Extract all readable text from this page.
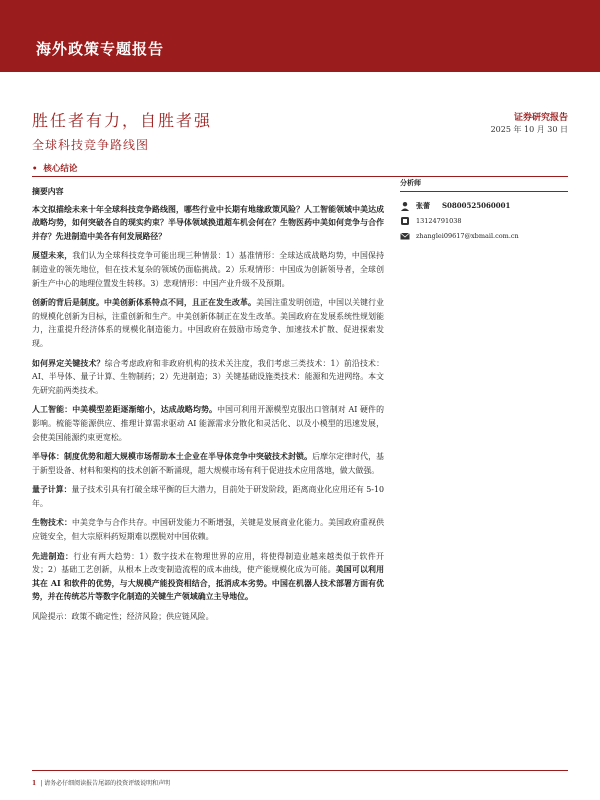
海外政策专题报告
胜任者有力，自胜者强
全球科技竞争路线图
证券研究报告
2025 年 10 月 30 日
• 核心结论

摘要内容

本文拟描绘未来十年全球科技竞争路线图，哪些行业中长期有地缘政策风险？人工智能领域中美达成战略均势，如何突破各自的现实约束？半导体领域换道超车机会何在？生物医药中美如何竞争与合作并存？先进制造中美各有何发展路径？

展望未来，我们认为全球科技竞争可能出现三种情景：1）基准情形：全球达成战略均势，中国保持制造业的领先地位，但在技术复杂的领域仍面临挑战。2）乐观情形：中国成为创新领导者，全球创新生产中心的地理位置发生转移。3）悲观情形：中国产业升级不及预期。

创新的背后是制度。中美创新体系特点不同，且正在发生改革。美国注重发明创造，中国以关键行业的规模化创新为目标，注重创新和生产。中美创新体制正在发生改革。美国政府在发展系统性规划能力，注重提升经济体系的规模化制造能力。中国政府在鼓励市场竞争、加速技术扩散、促进探索发现。

如何界定关键技术？综合考虑政府和非政府机构的技术关注度，我们考虑三类技术：1）前沿技术：AI、半导体、量子计算、生物制药；2）先进制造；3）关键基础设施类技术：能源和先进网络。本文先研究前两类技术。

人工智能：中美模型差距逐渐缩小，达成战略均势。中国可利用开源模型克服出口管制对 AI 硬件的影响。梳能等能源供应、推理计算需求驱动 AI 能源需求分散化和灵活化、以及小模型的迅速发展，会使美国能源约束更宽松。

半导体：制度优势和超大规模市场帮助本土企业在半导体竞争中突破技术封锁。后摩尔定律时代，基于新型设备、材料和架构的技术创新不断涌现，超大规模市场有利于促进技术应用落地，做大做强。

量子计算：量子技术引具有打破全球平衡的巨大潜力，目前处于研发阶段，距离商业化应用还有 5-10 年。

生物技术：中美竞争与合作共存。中国研发能力不断增强，关键是发展商业化能力。美国政府重视供应链安全，但大宗原料药短期难以摆脱对中国依赖。

先进制造：行业有两大趋势：1）数字技术在物理世界的应用，将使得制造业越来越类似于软件开发；2）基础工艺创新，从根本上改变制造流程的成本曲线，使产能规模化成为可能。美国可以利用其在 AI 和软件的优势，与大规模产能投资相结合，抵消成本劣势。中国在机器人技术部署方面有优势，并在传统芯片等数字化制造的关键生产领域确立主导地位。

风险提示：政策不确定性；经济风险；供应链风险。

分析师
张蕾 S0800525060001
13124791038
zhanglei09617@xbmail.com.cn
1 | 请务必仔细阅读报告尾部的投资评级说明和声明
